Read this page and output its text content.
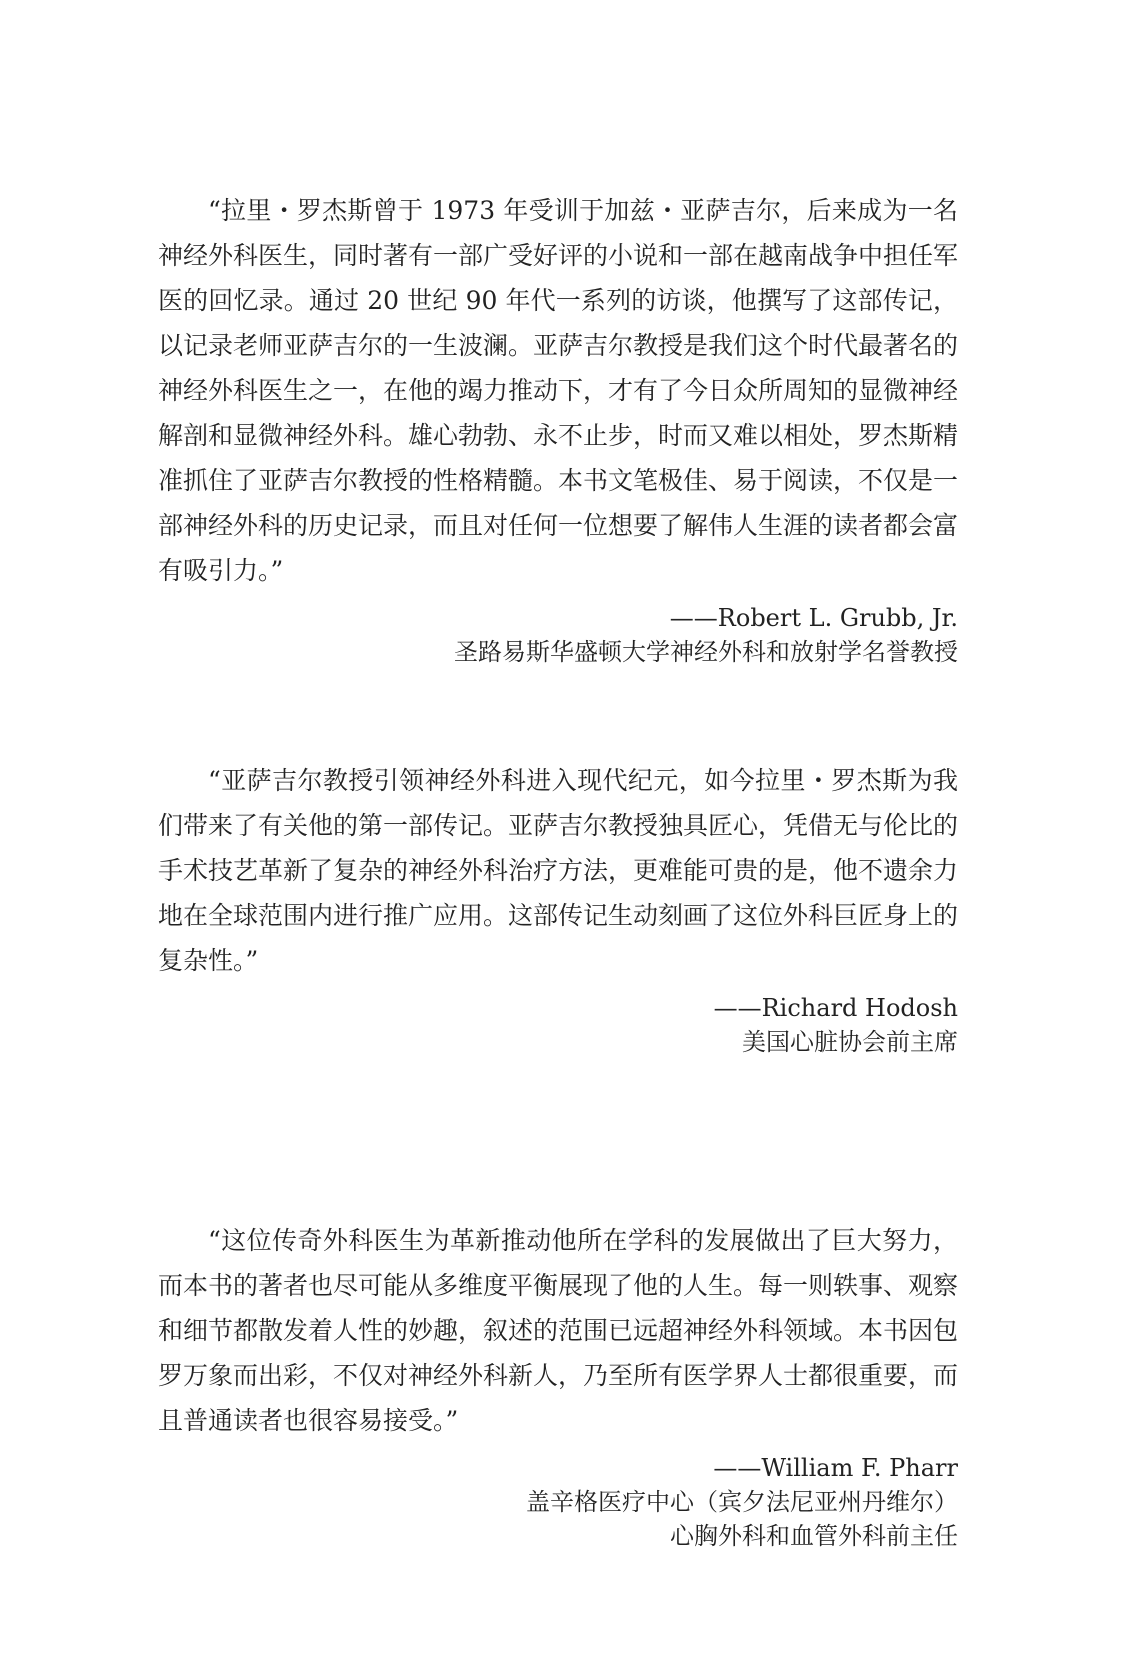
“拉里・罗杰斯曾于 1973 年受训于加兹・亚萨吉尔，后来成为一名神经外科医生，同时著有一部广受好评的小说和一部在越南战争中担任军医的回忆录。通过 20 世纪 90 年代一系列的访谈，他撰写了这部传记，以记录老师亚萨吉尔的一生波澜。亚萨吉尔教授是我们这个时代最著名的神经外科医生之一，在他的竭力推动下，才有了今日众所周知的显微神经解剖和显微神经外科。雄心勃勃、永不止步，时而又难以相处，罗杰斯精准抓住了亚萨吉尔教授的性格精髓。本书文笔极佳、易于阅读，不仅是一部神经外科的历史记录，而且对任何一位想要了解伟人生涯的读者都会富有吸引力。”

——Robert L. Grubb, Jr.
圣路易斯华盛顿大学神经外科和放射学名誉教授

“亚萨吉尔教授引领神经外科进入现代纪元，如今拉里・罗杰斯为我们带来了有关他的第一部传记。亚萨吉尔教授独具匠心，凭借无与伦比的手术技艺革新了复杂的神经外科治疗方法，更难能可贵的是，他不遗余力地在全球范围内进行推广应用。这部传记生动刻画了这位外科巨匠身上的复杂性。”

——Richard Hodosh
美国心脏协会前主席

“这位传奇外科医生为革新推动他所在学科的发展做出了巨大努力，而本书的著者也尽可能从多维度平衡展现了他的人生。每一则轶事、观察和细节都散发着人性的妙趣，叙述的范围已远超神经外科领域。本书因包罗万象而出彩，不仅对神经外科新人，乃至所有医学界人士都很重要，而且普通读者也很容易接受。”

——William F. Pharr
盖辛格医疗中心（宾夕法尼亚州丹维尔）
心胸外科和血管外科前主任
